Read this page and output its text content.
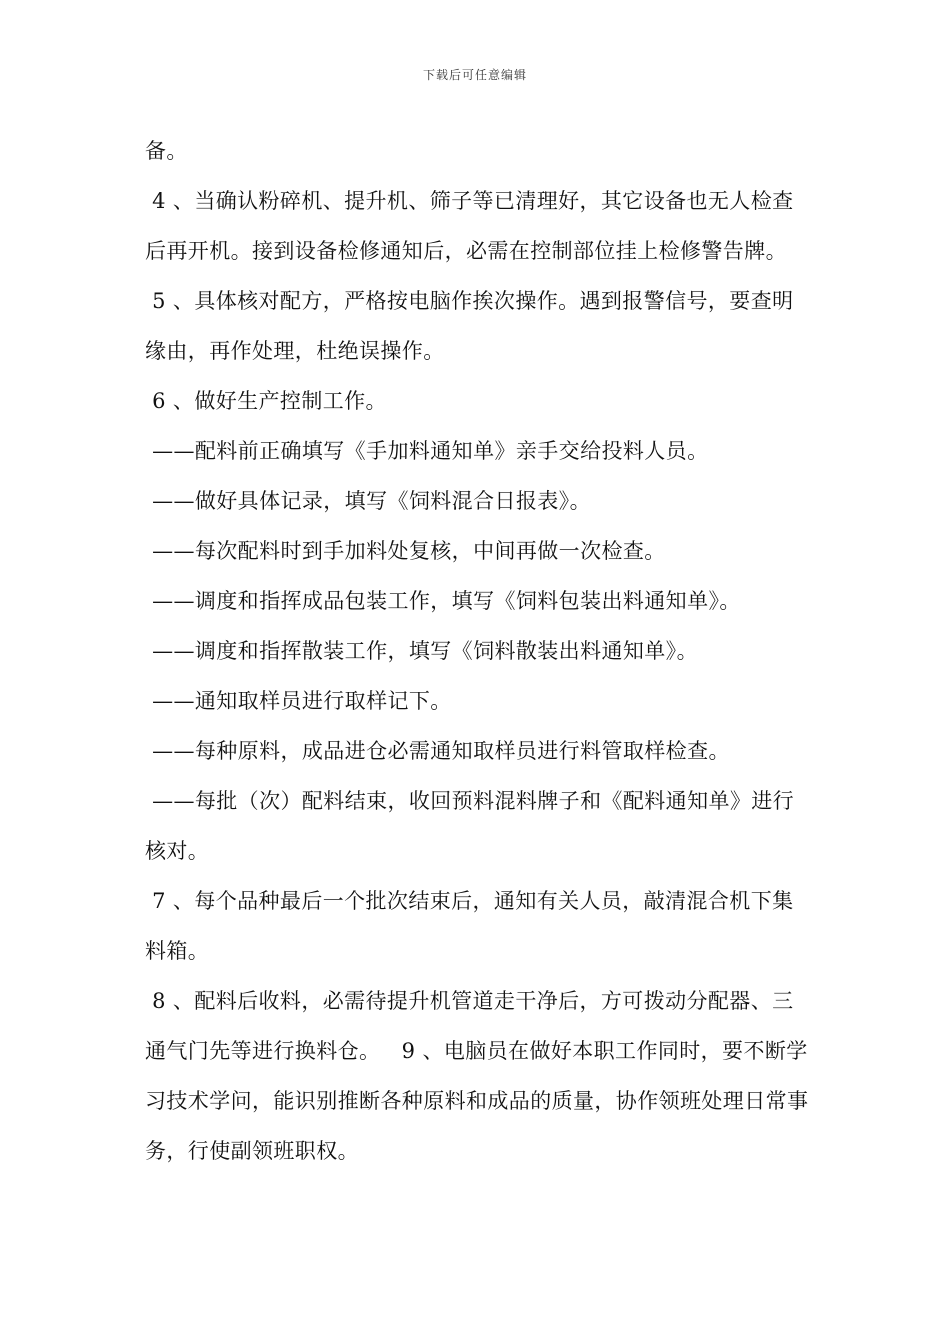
下载后可任意编辑

备。

4 、当确认粉碎机、提升机、筛子等已清理好，其它设备也无人检查后再开机。接到设备检修通知后，必需在控制部位挂上检修警告牌。

5 、具体核对配方，严格按电脑作挨次操作。遇到报警信号，要查明缘由，再作处理，杜绝误操作。

6 、做好生产控制工作。

——配料前正确填写《手加料通知单》亲手交给投料人员。

——做好具体记录，填写《饲料混合日报表》。

——每次配料时到手加料处复核，中间再做一次检查。

——调度和指挥成品包装工作，填写《饲料包装出料通知单》。

——调度和指挥散装工作，填写《饲料散装出料通知单》。

——通知取样员进行取样记下。

——每种原料，成品进仓必需通知取样员进行料管取样检查。

——每批（次）配料结束，收回预料混料牌子和《配料通知单》进行核对。

7 、每个品种最后一个批次结束后，通知有关人员，敲清混合机下集料箱。

8 、配料后收料，必需待提升机管道走干净后，方可拨动分配器、三通气门先等进行换料仓。   9 、电脑员在做好本职工作同时，要不断学习技术学问，能识别推断各种原料和成品的质量，协作领班处理日常事务，行使副领班职权。
